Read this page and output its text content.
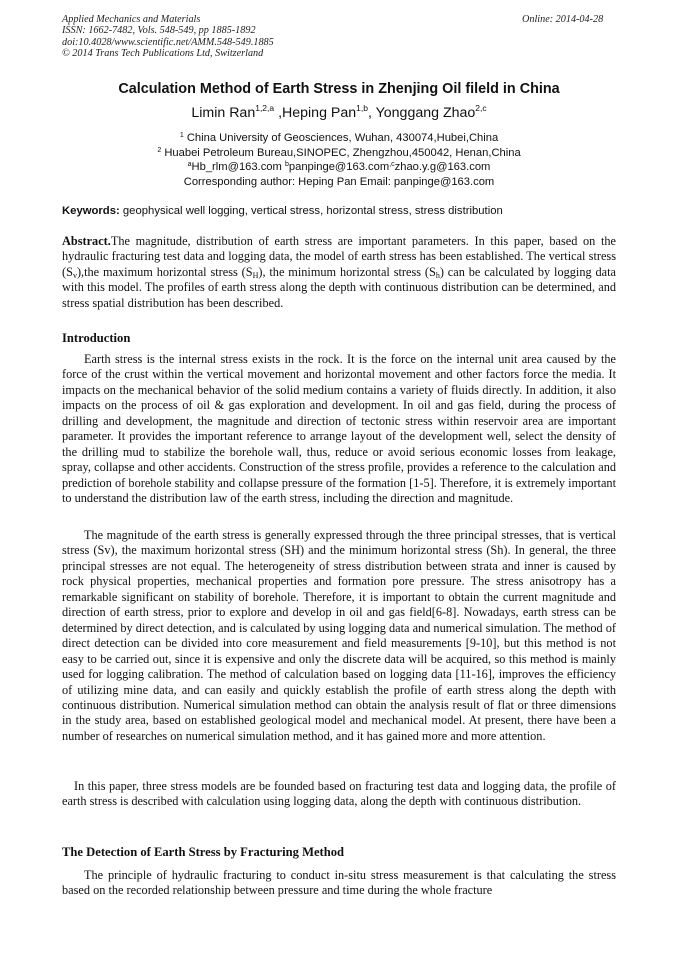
Applied Mechanics and Materials
ISSN: 1662-7482, Vols. 548-549, pp 1885-1892
doi:10.4028/www.scientific.net/AMM.548-549.1885
© 2014 Trans Tech Publications Ltd, Switzerland
Online: 2014-04-28
Calculation Method of Earth Stress in Zhenjing Oil fileld in China
Limin Ran$^{1,2,a}$ ,Heping Pan$^{1,b}$, Yonggang Zhao$^{2,c}$
$^1$ China University of Geosciences, Wuhan, 430074,Hubei,China
$^2$ Huabei Petroleum Bureau,SINOPEC, Zhengzhou,450042, Henan,China
$^a$Hb_rlm@163.com $^b$panpinge@163.com$^{,c}$zhao.y.g@163.com
Corresponding author: Heping Pan Email: panpinge@163.com
Keywords: geophysical well logging, vertical stress, horizontal stress, stress distribution
Abstract.The magnitude, distribution of earth stress are important parameters. In this paper, based on the hydraulic fracturing test data and logging data, the model of earth stress has been established. The vertical stress $(S_v),the$ maximum horizontal stress $(S_H)$, the minimum horizontal stress $(S_h)$ can be calculated by logging data with this model. The profiles of earth stress along the depth with continuous distribution can be determined, and stress spatial distribution has been described.
Introduction
Earth stress is the internal stress exists in the rock. It is the force on the internal unit area caused by the force of the crust within the vertical movement and horizontal movement and other factors force the media. It impacts on the mechanical behavior of the solid medium contains a variety of fluids directly. In addition, it also impacts on the process of oil & gas exploration and development. In oil and gas field, during the process of drilling and development, the magnitude and direction of tectonic stress within reservoir area are important parameter. It provides the important reference to arrange layout of the development well, select the density of the drilling mud to stabilize the borehole wall, thus, reduce or avoid serious economic losses from leakage, spray, collapse and other accidents. Construction of the stress profile, provides a reference to the calculation and prediction of borehole stability and collapse pressure of the formation [1-5]. Therefore, it is extremely important to understand the distribution law of the earth stress, including the direction and magnitude.
The magnitude of the earth stress is generally expressed through the three principal stresses, that is vertical stress (Sv), the maximum horizontal stress (SH) and the minimum horizontal stress (Sh). In general, the three principal stresses are not equal. The heterogeneity of stress distribution between strata and inner is caused by rock physical properties, mechanical properties and formation pore pressure. The stress anisotropy has a remarkable significant on stability of borehole. Therefore, it is important to obtain the current magnitude and direction of earth stress, prior to explore and develop in oil and gas field[6-8]. Nowadays, earth stress can be determined by direct detection, and is calculated by using logging data and numerical simulation. The method of direct detection can be divided into core measurement and field measurements [9-10], but this method is not easy to be carried out, since it is expensive and only the discrete data will be acquired, so this method is mainly used for logging calibration. The method of calculation based on logging data [11-16], improves the efficiency of utilizing mine data, and can easily and quickly establish the profile of earth stress along the depth with continuous distribution. Numerical simulation method can obtain the analysis result of flat or three dimensions in the study area, based on established geological model and mechanical model. At present, there have been a number of researches on numerical simulation method, and it has gained more and more attention.
In this paper, three stress models are be founded based on fracturing test data and logging data, the profile of earth stress is described with calculation using logging data, along the depth with continuous distribution.
The Detection of Earth Stress by Fracturing Method
The principle of hydraulic fracturing to conduct in-situ stress measurement is that calculating the stress based on the recorded relationship between pressure and time during the whole fracture
